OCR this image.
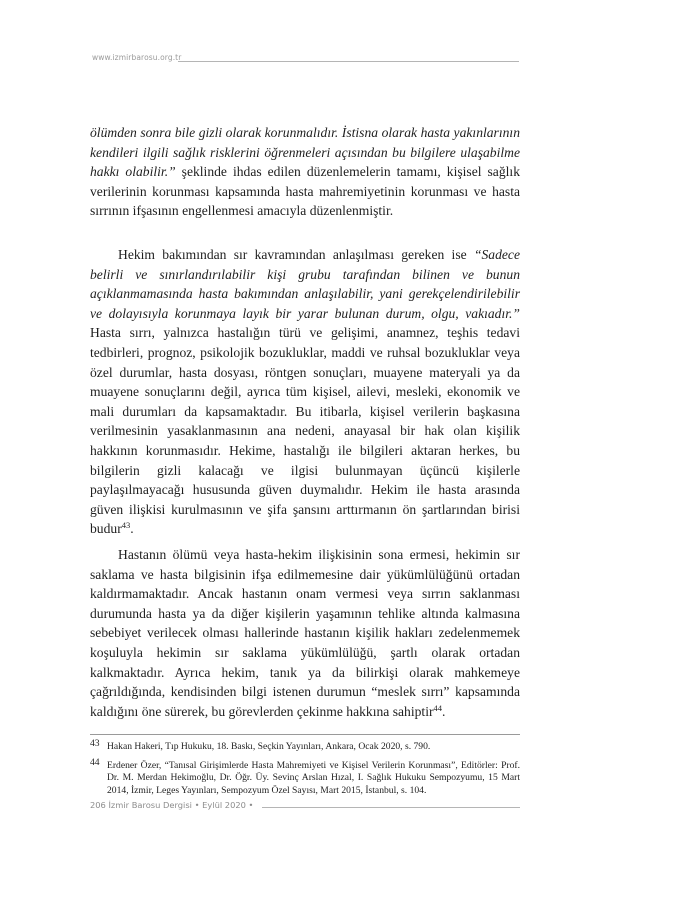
www.izmirbarosu.org.tr

ölümden sonra bile gizli olarak korunmalıdır. İstisna olarak hasta yakınlarının kendileri ilgili sağlık risklerini öğrenmeleri açısından bu bilgilere ulaşabilme hakkı olabilir.” şeklinde ihdas edilen düzenlemelerin tamamı, kişisel sağlık verilerinin korunması kapsamında hasta mahremiyetinin korunması ve hasta sırrının ifşasının engellenmesi amacıyla düzenlenmiştir.

Hekim bakımından sır kavramından anlaşılması gereken ise “Sadece belirli ve sınırlandırılabilir kişi grubu tarafından bilinen ve bunun açıklanmamasında hasta bakımından anlaşılabilir, yani gerekçelendirilebilir ve dolayısıyla korunmaya layık bir yarar bulunan durum, olgu, vakıadır.” Hasta sırrı, yalnızca hastalığın türü ve gelişimi, anamnez, teşhis tedavi tedbirleri, prognoz, psikolojik bozukluklar, maddi ve ruhsal bozukluklar veya özel durumlar, hasta dosyası, röntgen sonuçları, muayene materyali ya da muayene sonuçlarını değil, ayrıca tüm kişisel, ailevi, mesleki, ekonomik ve mali durumları da kapsamaktadır. Bu itibarla, kişisel verilerin başkasına verilmesinin yasaklanmasının ana nedeni, anayasal bir hak olan kişilik hakkının korunmasıdır. Hekime, hastalığı ile bilgileri aktaran herkes, bu bilgilerin gizli kalacağı ve ilgisi bulunmayan üçüncü kişilerle paylaşılmayacağı hususunda güven duymalıdır. Hekim ile hasta arasında güven ilişkisi kurulmasının ve şifa şansını arttırmanın ön şartlarından birisi budur$^{43}$.

Hastanın ölümü veya hasta-hekim ilişkisinin sona ermesi, hekimin sır saklama ve hasta bilgisinin ifşa edilmemesine dair yükümlülüğünü ortadan kaldırmamaktadır. Ancak hastanın onam vermesi veya sırrın saklanması durumunda hasta ya da diğer kişilerin yaşamının tehlike altında kalmasına sebebiyet verilecek olması hallerinde hastanın kişilik hakları zedelenmemek koşuluyla hekimin sır saklama yükümlülüğü, şartlı olarak ortadan kalkmaktadır. Ayrıca hekim, tanık ya da bilirkişi olarak mahkemeye çağrıldığında, kendisinden bilgi istenen durumun “meslek sırrı” kapsamında kaldığını öne sürerek, bu görevlerden çekinme hakkına sahiptir$^{44}$.

43 Hakan Hakeri, Tıp Hukuku, 18. Baskı, Seçkin Yayınları, Ankara, Ocak 2020, s. 790.

44 Erdener Özer, “Tanısal Girişimlerde Hasta Mahremiyeti ve Kişisel Verilerin Korunması”, Editörler: Prof. Dr. M. Merdan Hekimoğlu, Dr. Öğr. Üy. Sevinç Arslan Hızal, I. Sağlık Hukuku Sempozyumu, 15 Mart 2014, İzmir, Leges Yayınları, Sempozyum Özel Sayısı, Mart 2015, İstanbul, s. 104.

206 İzmir Barosu Dergisi • Eylül 2020 •
